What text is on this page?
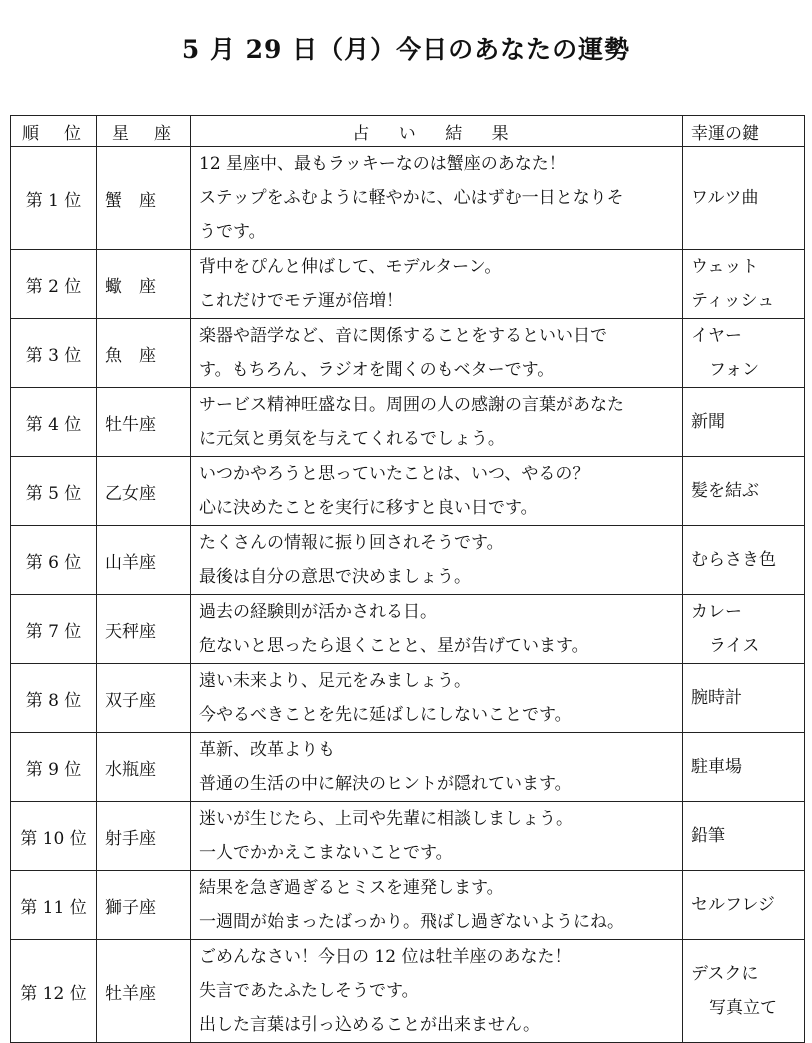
5 月 29 日（月）今日のあなたの運勢
順　位	星　座	占 い 結 果	幸運の鍵
第 1 位	蟹　座	12 星座中、最もラッキーなのは蟹座のあなた！
ステップをふむように軽やかに、心はずむ一日となりそ
うです。	ワルツ曲

第 2 位	蠍　座	背中をぴんと伸ばして、モデルターン。
これだけでモテ運が倍増！	ウェット
ティッシュ

第 3 位	魚　座	楽器や語学など、音に関係することをするといい日で
す。もちろん、ラジオを聞くのもベターです。	イヤー
フォン

第 4 位	牡牛座	サービス精神旺盛な日。周囲の人の感謝の言葉があなた
に元気と勇気を与えてくれるでしょう。	新聞

第 5 位	乙女座	いつかやろうと思っていたことは、いつ、やるの？
心に決めたことを実行に移すと良い日です。	髪を結ぶ

第 6 位	山羊座	たくさんの情報に振り回されそうです。
最後は自分の意思で決めましょう。	むらさき色

第 7 位	天秤座	過去の経験則が活かされる日。
危ないと思ったら退くことと、星が告げています。	カレー
ライス

第 8 位	双子座	遠い未来より、足元をみましょう。
今やるべきことを先に延ばしにしないことです。	腕時計

第 9 位	水瓶座	革新、改革よりも
普通の生活の中に解決のヒントが隠れています。	駐車場

第 10 位	射手座	迷いが生じたら、上司や先輩に相談しましょう。
一人でかかえこまないことです。	鉛筆

第 11 位	獅子座	結果を急ぎ過ぎるとミスを連発します。
一週間が始まったばっかり。飛ばし過ぎないようにね。	セルフレジ

第 12 位	牡羊座	ごめんなさい！今日の 12 位は牡羊座のあなた！
失言であたふたしそうです。
出した言葉は引っ込めることが出来ません。	デスクに
写真立て
